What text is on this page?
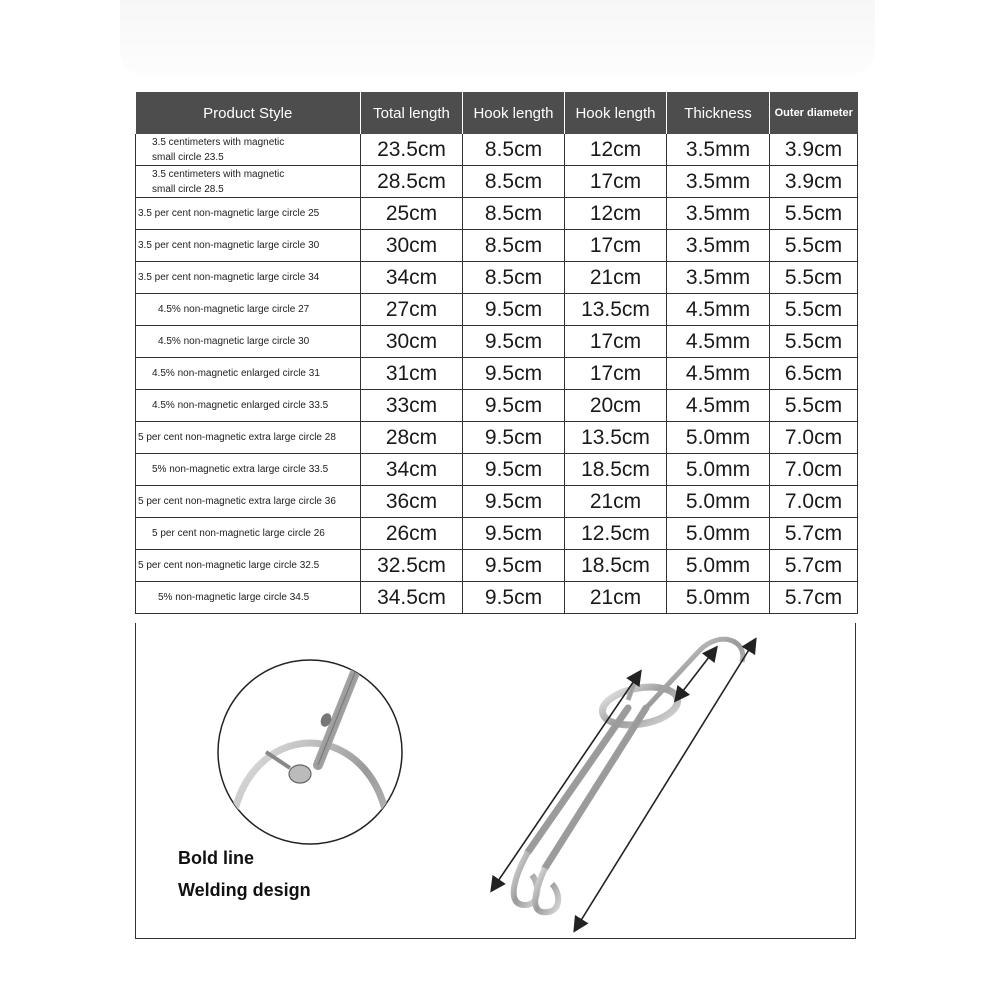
Product Style	Total length	Hook length	Hook length	Thickness	Outer diameter

3.5 centimeters with magnetic
small circle 23.5	23.5cm	8.5cm	12cm	3.5mm	3.9cm

3.5 centimeters with magnetic
small circle 28.5	28.5cm	8.5cm	17cm	3.5mm	3.9cm

3.5 per cent non-magnetic large circle 25	25cm	8.5cm	12cm	3.5mm	5.5cm

3.5 per cent non-magnetic large circle 30	30cm	8.5cm	17cm	3.5mm	5.5cm

3.5 per cent non-magnetic large circle 34	34cm	8.5cm	21cm	3.5mm	5.5cm

4.5% non-magnetic large circle 27	27cm	9.5cm	13.5cm	4.5mm	5.5cm

4.5% non-magnetic large circle 30	30cm	9.5cm	17cm	4.5mm	5.5cm

4.5% non-magnetic enlarged circle 31	31cm	9.5cm	17cm	4.5mm	6.5cm

4.5% non-magnetic enlarged circle 33.5	33cm	9.5cm	20cm	4.5mm	5.5cm

5 per cent non-magnetic extra large circle 28	28cm	9.5cm	13.5cm	5.0mm	7.0cm

5% non-magnetic extra large circle 33.5	34cm	9.5cm	18.5cm	5.0mm	7.0cm

5 per cent non-magnetic extra large circle 36	36cm	9.5cm	21cm	5.0mm	7.0cm

5 per cent non-magnetic large circle 26	26cm	9.5cm	12.5cm	5.0mm	5.7cm

5 per cent non-magnetic large circle 32.5	32.5cm	9.5cm	18.5cm	5.0mm	5.7cm

5% non-magnetic large circle 34.5	34.5cm	9.5cm	21cm	5.0mm	5.7cm
Bold line
Welding design
